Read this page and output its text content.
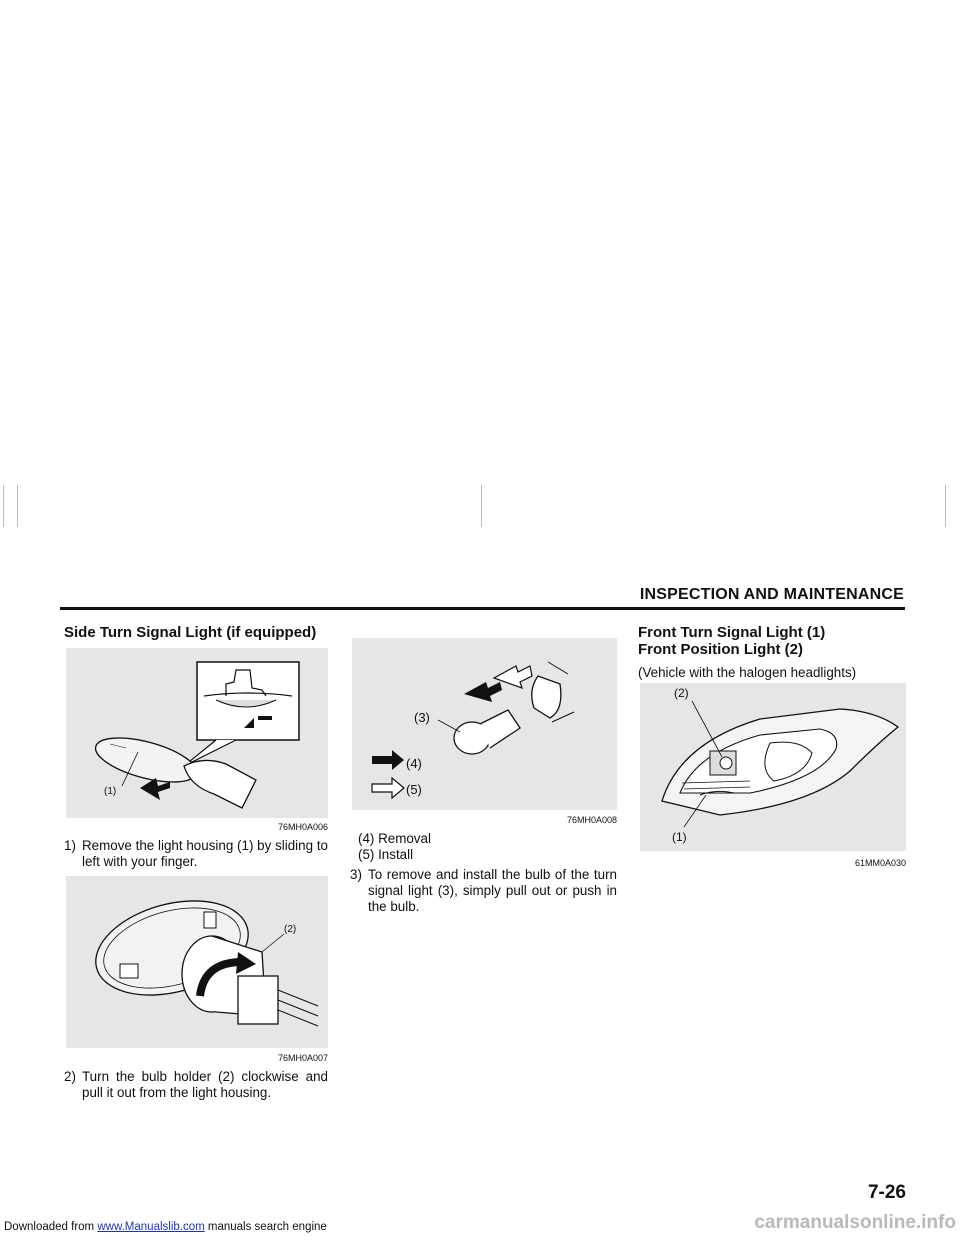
INSPECTION AND MAINTENANCE
Side Turn Signal Light (if equipped)
(1)
76MH0A006
1) Remove the light housing (1) by sliding to left with your finger.
(2)
76MH0A007
2) Turn the bulb holder (2) clockwise and pull it out from the light housing.
(3)
(4)
(5)
76MH0A008
(4) Removal
(5) Install
3) To remove and install the bulb of the turn signal light (3), simply pull out or push in the bulb.
Front Turn Signal Light (1)
Front Position Light (2)
(Vehicle with the halogen headlights)
(2)
(1)
61MM0A030
7-26
Downloaded from www.Manualslib.com manuals search engine	carmanualsonline.info
